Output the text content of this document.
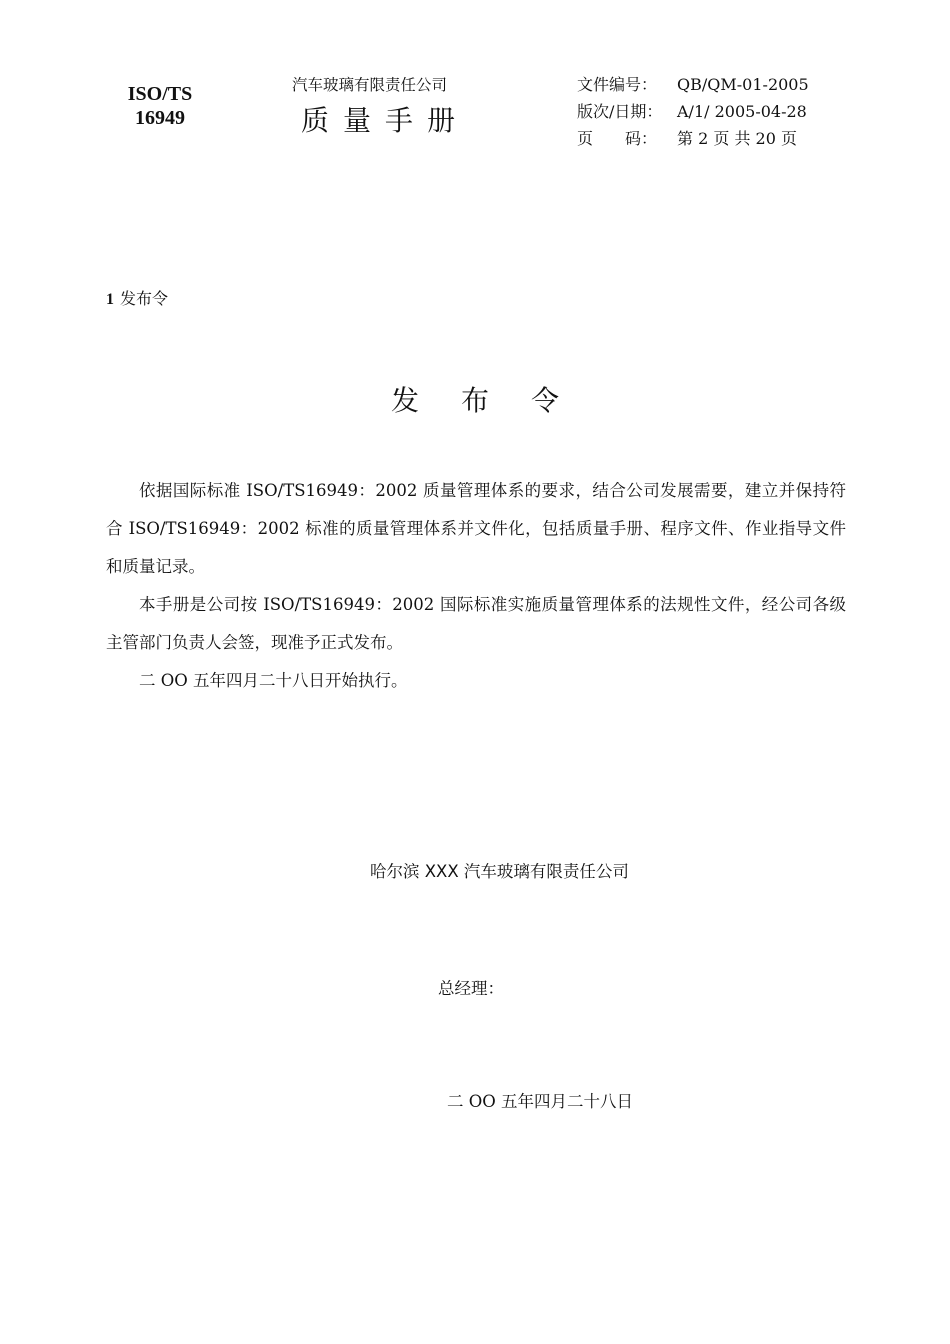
ISO/TS
16949
汽车玻璃有限责任公司
质量手册
文件编号： QB/QM-01-2005
版次/日期： A/1/ 2005-04-28
页　　码： 第 2 页 共 20 页
1 发布令
发布令

依据国际标准 ISO/TS16949：2002 质量管理体系的要求，结合公司发展需要，建立并保持符合 ISO/TS16949：2002 标准的质量管理体系并文件化，包括质量手册、程序文件、作业指导文件和质量记录。

本手册是公司按 ISO/TS16949：2002 国际标准实施质量管理体系的法规性文件，经公司各级主管部门负责人会签，现准予正式发布。

二 OO 五年四月二十八日开始执行。

哈尔滨 XXX 汽车玻璃有限责任公司
总经理：
二 OO 五年四月二十八日
